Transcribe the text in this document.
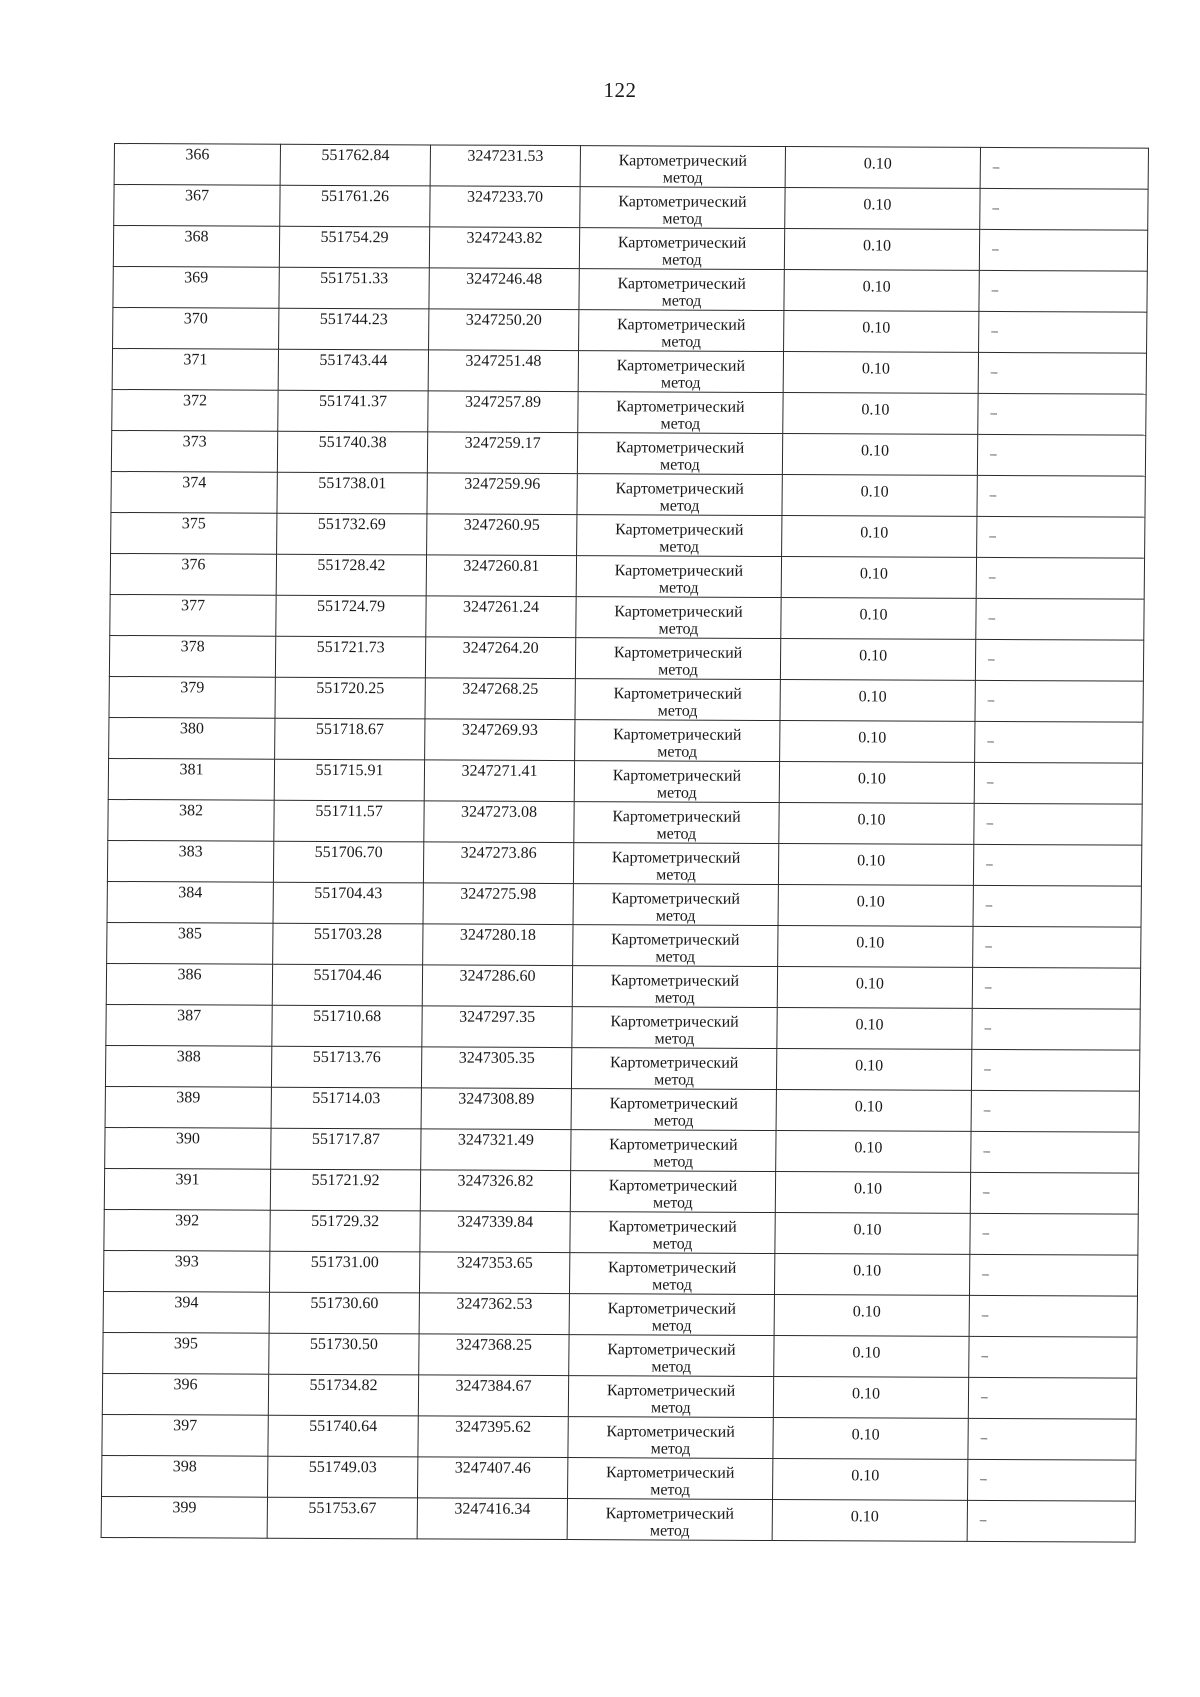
122
366	551762.84	3247231.53	Картометрический метод	0.10	–

367	551761.26	3247233.70	Картометрический метод	0.10	–

368	551754.29	3247243.82	Картометрический метод	0.10	–

369	551751.33	3247246.48	Картометрический метод	0.10	–

370	551744.23	3247250.20	Картометрический метод	0.10	–

371	551743.44	3247251.48	Картометрический метод	0.10	–

372	551741.37	3247257.89	Картометрический метод	0.10	–

373	551740.38	3247259.17	Картометрический метод	0.10	–

374	551738.01	3247259.96	Картометрический метод	0.10	–

375	551732.69	3247260.95	Картометрический метод	0.10	–

376	551728.42	3247260.81	Картометрический метод	0.10	–

377	551724.79	3247261.24	Картометрический метод	0.10	–

378	551721.73	3247264.20	Картометрический метод	0.10	–

379	551720.25	3247268.25	Картометрический метод	0.10	–

380	551718.67	3247269.93	Картометрический метод	0.10	–

381	551715.91	3247271.41	Картометрический метод	0.10	–

382	551711.57	3247273.08	Картометрический метод	0.10	–

383	551706.70	3247273.86	Картометрический метод	0.10	–

384	551704.43	3247275.98	Картометрический метод	0.10	–

385	551703.28	3247280.18	Картометрический метод	0.10	–

386	551704.46	3247286.60	Картометрический метод	0.10	–

387	551710.68	3247297.35	Картометрический метод	0.10	–

388	551713.76	3247305.35	Картометрический метод	0.10	–

389	551714.03	3247308.89	Картометрический метод	0.10	–

390	551717.87	3247321.49	Картометрический метод	0.10	–

391	551721.92	3247326.82	Картометрический метод	0.10	–

392	551729.32	3247339.84	Картометрический метод	0.10	–

393	551731.00	3247353.65	Картометрический метод	0.10	–

394	551730.60	3247362.53	Картометрический метод	0.10	–

395	551730.50	3247368.25	Картометрический метод	0.10	–

396	551734.82	3247384.67	Картометрический метод	0.10	–

397	551740.64	3247395.62	Картометрический метод	0.10	–

398	551749.03	3247407.46	Картометрический метод	0.10	–

399	551753.67	3247416.34	Картометрический метод	0.10	–
